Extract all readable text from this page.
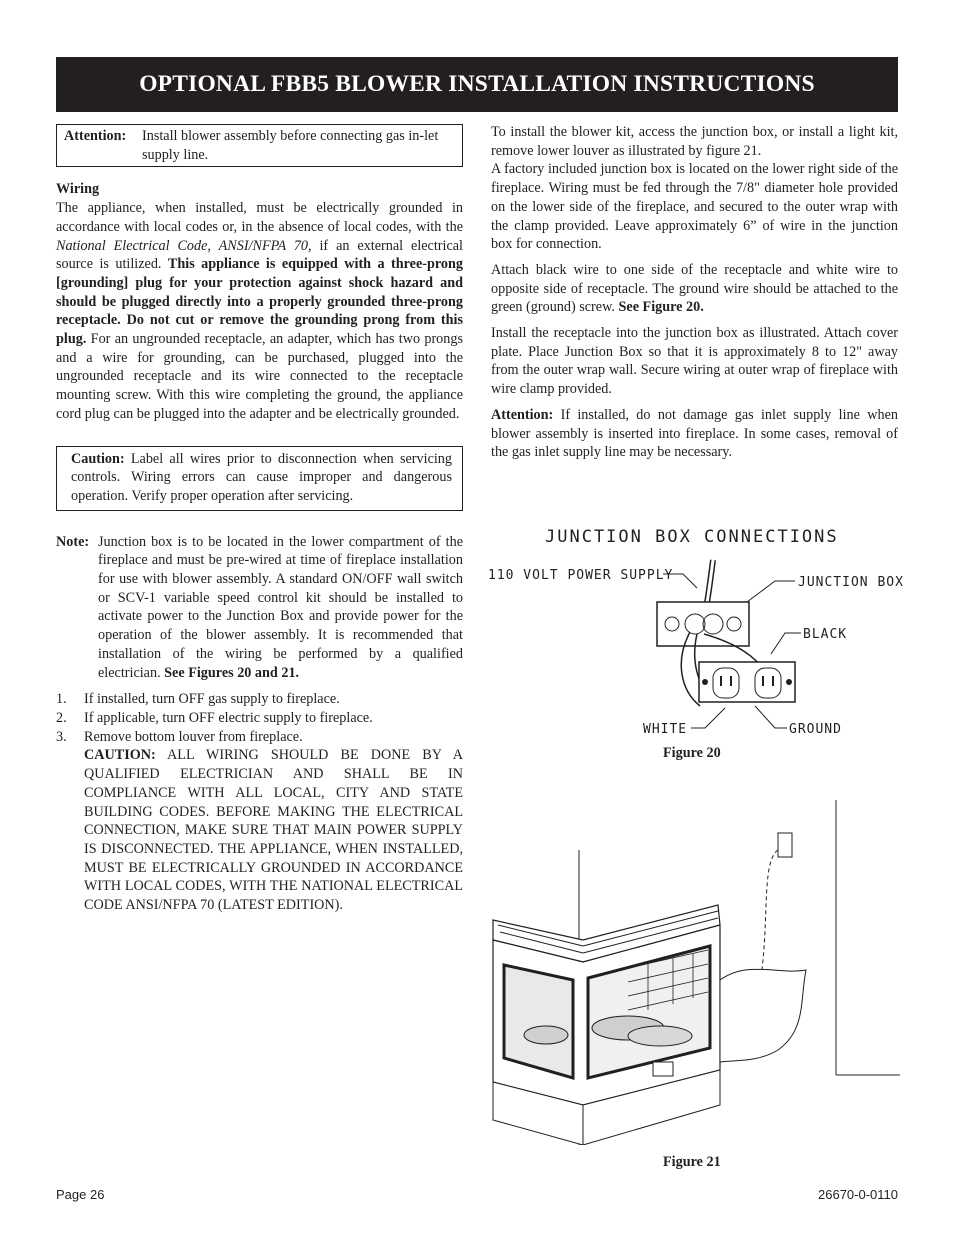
OPTIONAL FBB5 BLOWER INSTALLATION INSTRUCTIONS
Attention:	Install blower assembly before connecting gas in-let supply line.
Wiring

The appliance, when installed, must be electrically grounded in accordance with local codes or, in the absence of local codes, with the National Electrical Code, ANSI/NFPA 70, if an external electrical source is utilized. This appliance is equipped with a three-prong [grounding] plug for your protection against shock hazard and should be plugged directly into a properly grounded three-prong receptacle. Do not cut or remove the grounding prong from this plug. For an ungrounded receptacle, an adapter, which has two prongs and a wire for grounding, can be purchased, plugged into the ungrounded receptacle and its wire connected to the receptacle mounting screw. With this wire completing the ground, the appliance cord plug can be plugged into the adapter and be electrically grounded.

Caution: Label all wires prior to disconnection when servicing controls. Wiring errors can cause improper and dangerous operation. Verify proper operation after servicing.

Note: Junction box is to be located in the lower compartment of the fireplace and must be pre-wired at time of fireplace installation for use with blower assembly. A standard ON/OFF wall switch or SCV-1 variable speed control kit should be installed to activate power to the Junction Box and provide power for the operation of the blower assembly. It is recommended that installation of the wiring be performed by a qualified electrician. See Figures 20 and 21.

1.	If installed, turn OFF gas supply to fireplace.
2.	If applicable, turn OFF electric supply to fireplace.
3.	Remove bottom louver from fireplace.

CAUTION: ALL WIRING SHOULD BE DONE BY A QUALIFIED ELECTRICIAN AND SHALL BE IN COMPLIANCE WITH ALL LOCAL, CITY AND STATE BUILDING CODES. BEFORE MAKING THE ELECTRICAL CONNECTION, MAKE SURE THAT MAIN POWER SUPPLY IS DISCONNECTED. THE APPLIANCE, WHEN INSTALLED, MUST BE ELECTRICALLY GROUNDED IN ACCORDANCE WITH LOCAL CODES, WITH THE NATIONAL ELECTRICAL CODE ANSI/NFPA 70 (LATEST EDITION).

To install the blower kit, access the junction box, or install a light kit, remove lower louver as illustrated by figure 21.

A factory included junction box is located on the lower right side of the fireplace. Wiring must be fed through the 7/8" diameter hole provided on the lower side of the fireplace, and secured to the outer wrap with the clamp provided. Leave approximately 6” of wire in the junction box for connection.

Attach black wire to one side of the receptacle and white wire to opposite side of receptacle. The ground wire should be attached to the green (ground) screw. See Figure 20.

Install the receptacle into the junction box as illustrated. Attach cover plate. Place Junction Box so that it is approximately 8 to 12" away from the outer wrap wall. Secure wiring at outer wrap of fireplace with wire clamp provided.

Attention: If installed, do not damage gas inlet supply line when blower assembly is inserted into fireplace. In some cases, removal of the gas inlet supply line may be necessary.

JUNCTION BOX CONNECTIONS
110 VOLT POWER SUPPLY	JUNCTION BOX
BLACK
WHITE	GROUND
Figure 20
Figure 21
Page 26	26670-0-0110
